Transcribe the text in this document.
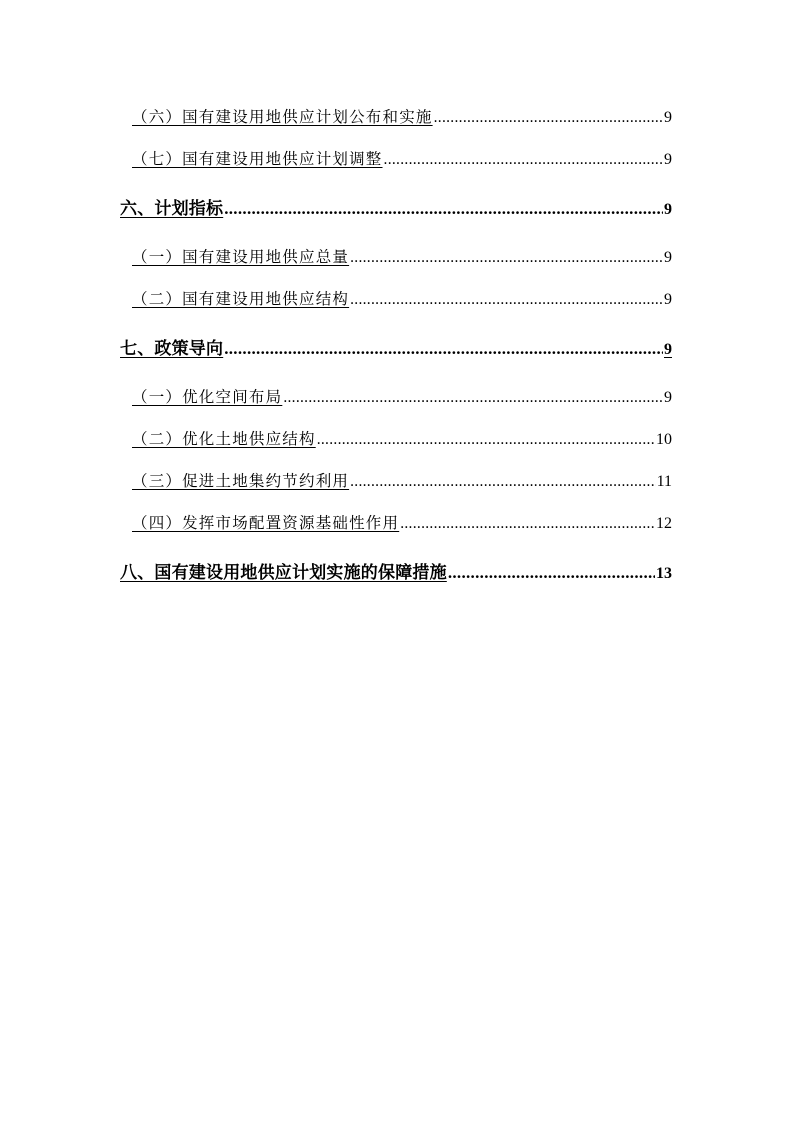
（六）国有建设用地供应计划公布和实施 .....	9
（七）国有建设用地供应计划调整 .....	9
六、计划指标 .....	9
（一）国有建设用地供应总量 .....	9
（二）国有建设用地供应结构 .....	9
七、政策导向 .....	9
（一）优化空间布局 .....	9
（二）优化土地供应结构 .....	10
（三）促进土地集约节约利用 .....	11
（四）发挥市场配置资源基础性作用 .....	12
八、国有建设用地供应计划实施的保障措施 .....	13
